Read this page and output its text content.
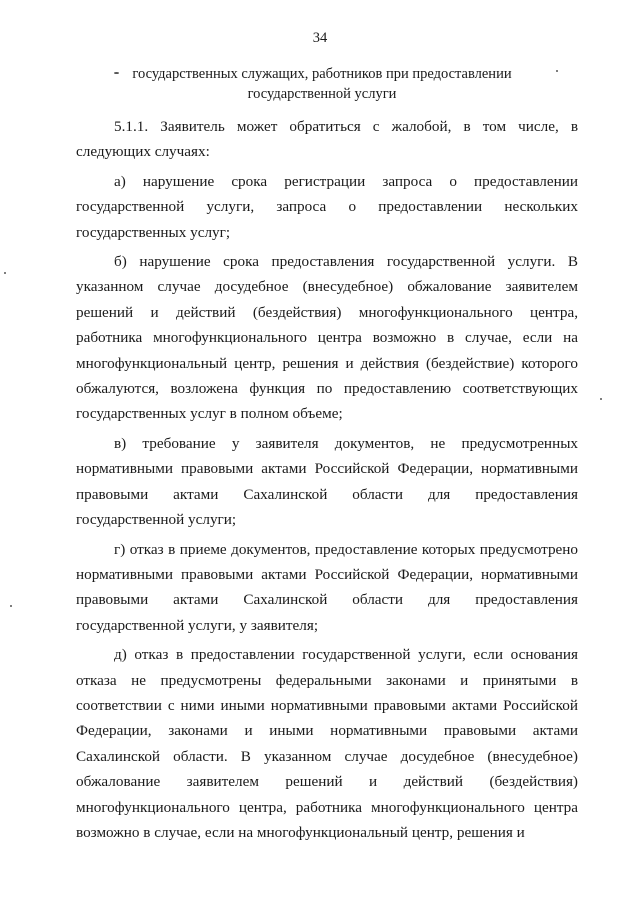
34
государственных служащих, работников при предоставлении
государственной услуги

5.1.1. Заявитель может обратиться с жалобой, в том числе, в следующих случаях:

а) нарушение срока регистрации запроса о предоставлении государственной услуги, запроса о предоставлении нескольких государственных услуг;

б) нарушение срока предоставления государственной услуги. В указанном случае досудебное (внесудебное) обжалование заявителем решений и действий (бездействия) многофункционального центра, работника многофункционального центра возможно в случае, если на многофункциональный центр, решения и действия (бездействие) которого обжалуются, возложена функция по предоставлению соответствующих государственных услуг в полном объеме;

в) требование у заявителя документов, не предусмотренных нормативными правовыми актами Российской Федерации, нормативными правовыми актами Сахалинской области для предоставления государственной услуги;

г) отказ в приеме документов, предоставление которых предусмотрено нормативными правовыми актами Российской Федерации, нормативными правовыми актами Сахалинской области для предоставления государственной услуги, у заявителя;

д) отказ в предоставлении государственной услуги, если основания отказа не предусмотрены федеральными законами и принятыми в соответствии с ними иными нормативными правовыми актами Российской Федерации, законами и иными нормативными правовыми актами Сахалинской области. В указанном случае досудебное (внесудебное) обжалование заявителем решений и действий (бездействия) многофункционального центра, работника многофункционального центра возможно в случае, если на многофункциональный центр, решения и
